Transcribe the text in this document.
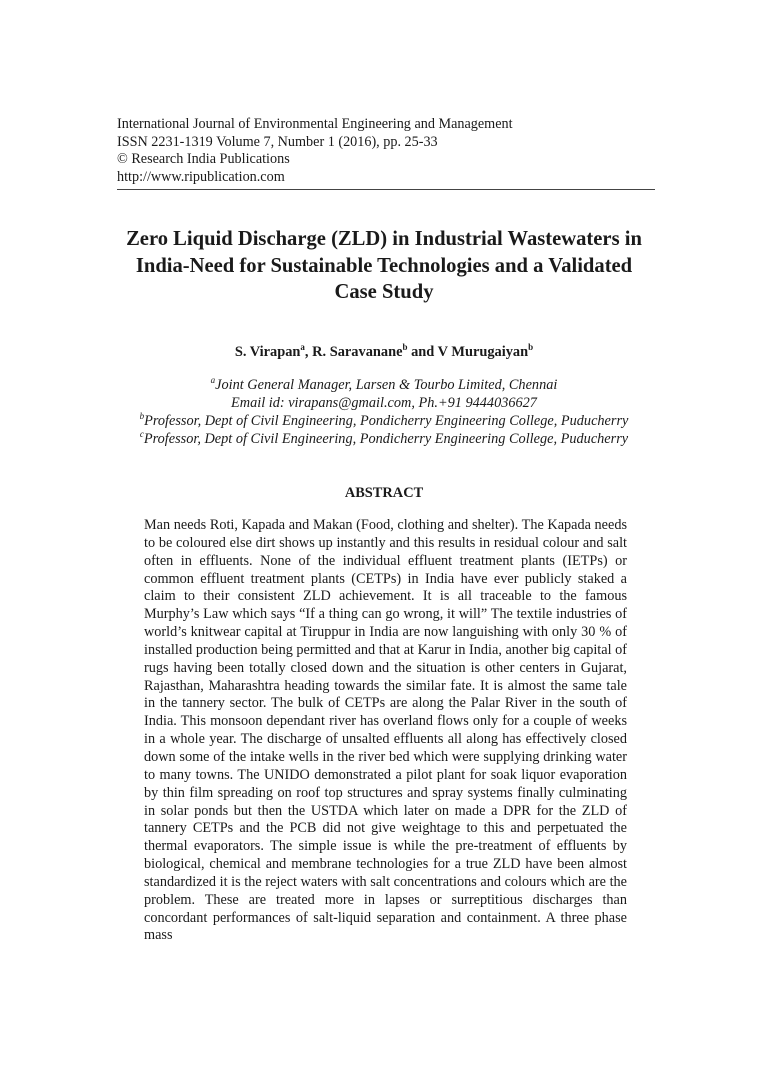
International Journal of Environmental Engineering and Management
ISSN 2231-1319 Volume 7, Number 1 (2016), pp. 25-33
© Research India Publications
http://www.ripublication.com
Zero Liquid Discharge (ZLD) in Industrial Wastewaters in India-Need for Sustainable Technologies and a Validated Case Study
S. Virapan$^a$, R. Saravanane$^b$ and V Murugaiyan$^b$
$^a$Joint General Manager, Larsen & Tourbo Limited, Chennai
Email id: virapans@gmail.com, Ph.+91 9444036627
$^b$Professor, Dept of Civil Engineering, Pondicherry Engineering College, Puducherry
$^c$Professor, Dept of Civil Engineering, Pondicherry Engineering College, Puducherry
ABSTRACT
Man needs Roti, Kapada and Makan (Food, clothing and shelter). The Kapada needs to be coloured else dirt shows up instantly and this results in residual colour and salt often in effluents. None of the individual effluent treatment plants (IETPs) or common effluent treatment plants (CETPs) in India have ever publicly staked a claim to their consistent ZLD achievement. It is all traceable to the famous Murphy’s Law which says “If a thing can go wrong, it will” The textile industries of world’s knitwear capital at Tiruppur in India are now languishing with only 30 % of installed production being permitted and that at Karur in India, another big capital of rugs having been totally closed down and the situation is other centers in Gujarat, Rajasthan, Maharashtra heading towards the similar fate. It is almost the same tale in the tannery sector. The bulk of CETPs are along the Palar River in the south of India. This monsoon dependant river has overland flows only for a couple of weeks in a whole year. The discharge of unsalted effluents all along has effectively closed down some of the intake wells in the river bed which were supplying drinking water to many towns. The UNIDO demonstrated a pilot plant for soak liquor evaporation by thin film spreading on roof top structures and spray systems finally culminating in solar ponds but then the USTDA which later on made a DPR for the ZLD of tannery CETPs and the PCB did not give weightage to this and perpetuated the thermal evaporators. The simple issue is while the pre-treatment of effluents by biological, chemical and membrane technologies for a true ZLD have been almost standardized it is the reject waters with salt concentrations and colours which are the problem. These are treated more in lapses or surreptitious discharges than concordant performances of salt-liquid separation and containment. A three phase mass
